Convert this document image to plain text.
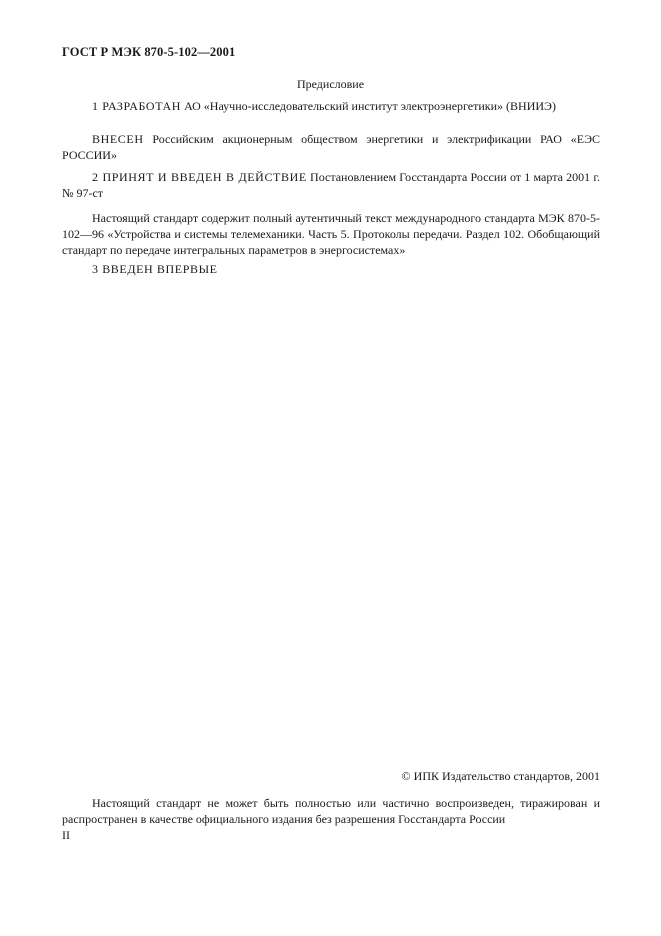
ГОСТ Р МЭК 870-5-102—2001
Предисловие

1 РАЗРАБОТАН АО «Научно-исследовательский институт электроэнергетики» (ВНИИЭ)

ВНЕСЕН Российским акционерным обществом энергетики и электрификации РАО «ЕЭС РОССИИ»

2 ПРИНЯТ И ВВЕДЕН В ДЕЙСТВИЕ Постановлением Госстандарта России от 1 марта 2001 г. № 97-ст

Настоящий стандарт содержит полный аутентичный текст международного стандарта МЭК 870-5-102—96 «Устройства и системы телемеханики. Часть 5. Протоколы передачи. Раздел 102. Обобщающий стандарт по передаче интегральных параметров в энергосистемах»

3 ВВЕДЕН ВПЕРВЫЕ

© ИПК Издательство стандартов, 2001

Настоящий стандарт не может быть полностью или частично воспроизведен, тиражирован и распространен в качестве официального издания без разрешения Госстандарта России

II
